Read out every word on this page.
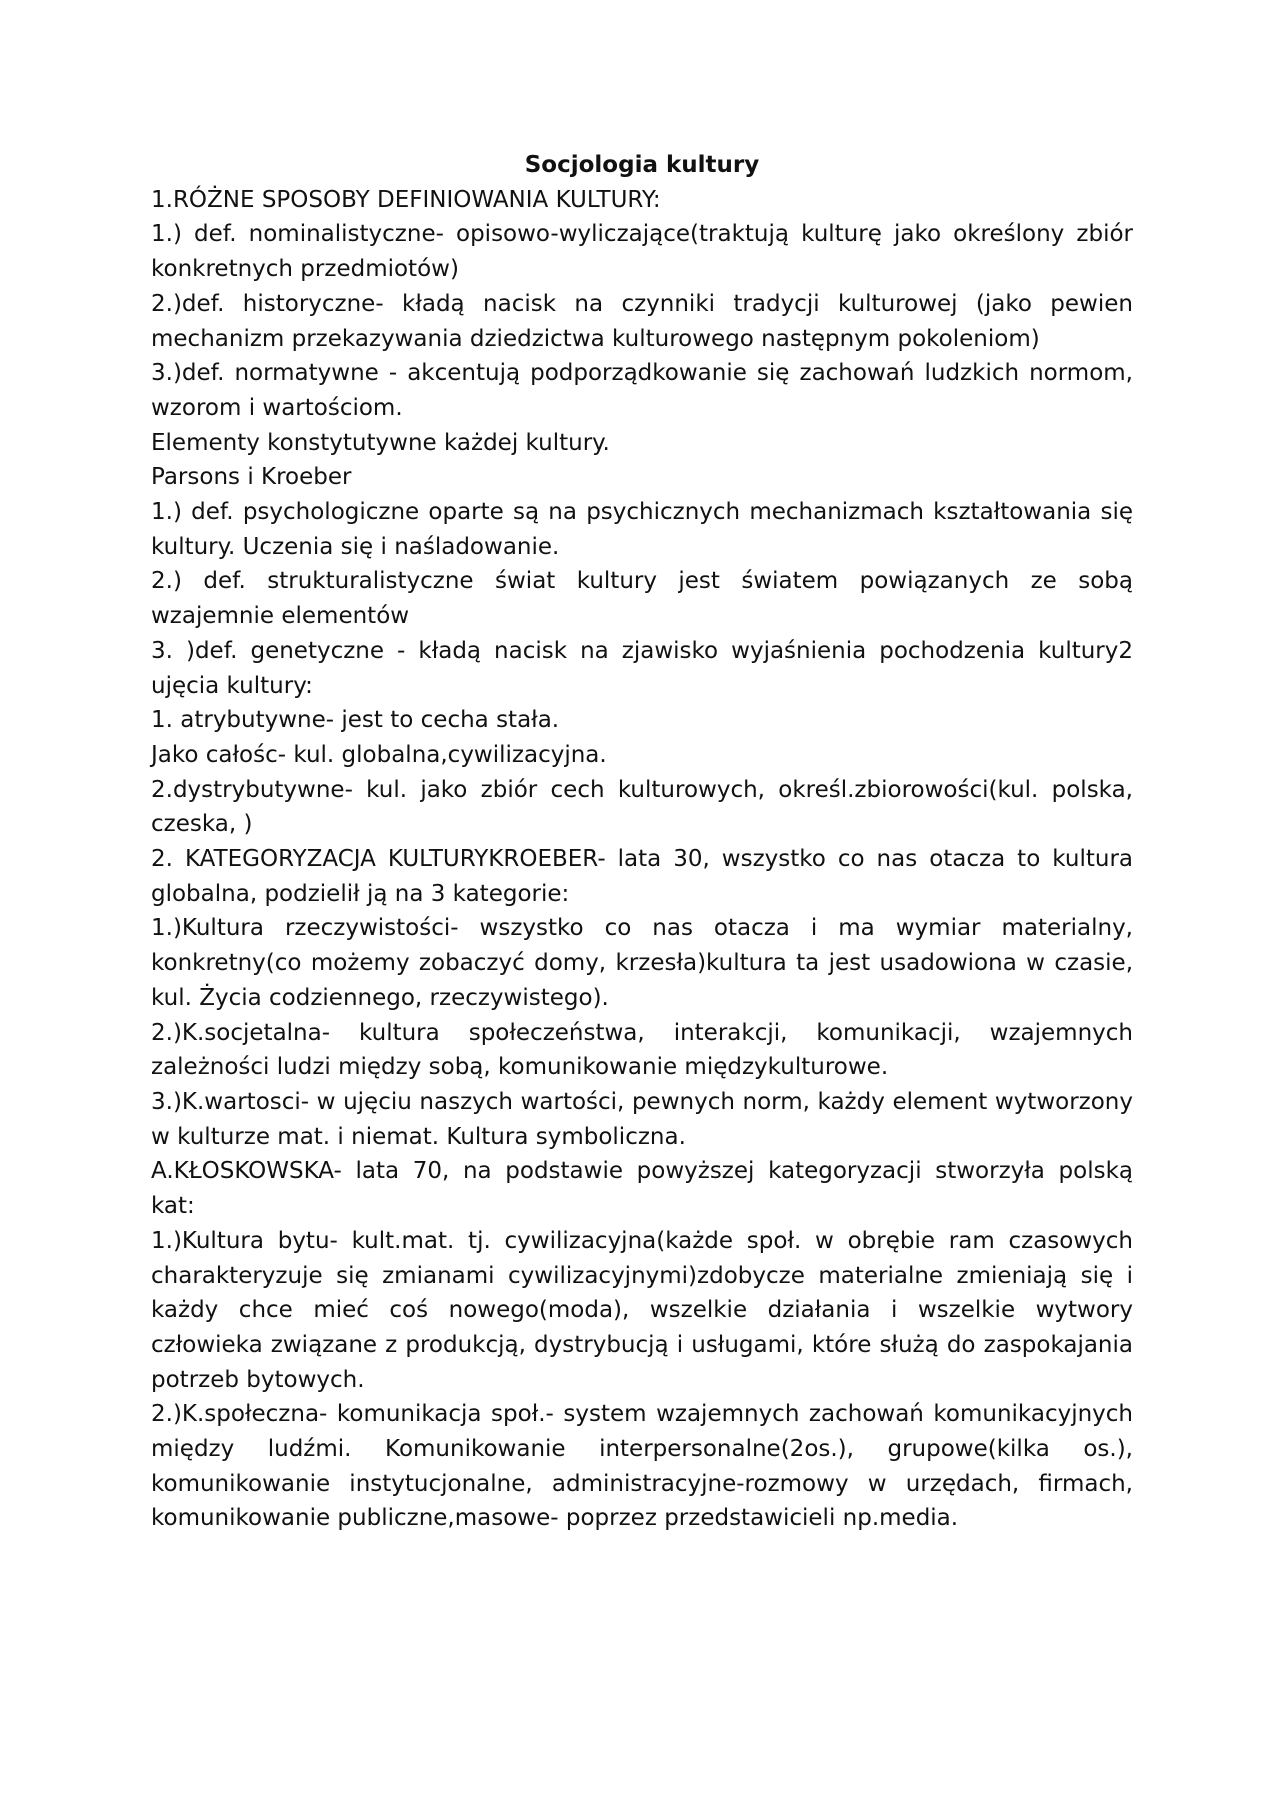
Socjologia kultury

1.RÓŻNE SPOSOBY DEFINIOWANIA KULTURY:

1.) def. nominalistyczne- opisowo-wyliczające(traktują kulturę jako określony zbiór konkretnych przedmiotów)

2.)def. historyczne- kładą nacisk na czynniki tradycji kulturowej (jako pewien mechanizm przekazywania dziedzictwa kulturowego następnym pokoleniom)

3.)def. normatywne - akcentują podporządkowanie się zachowań ludzkich normom, wzorom i wartościom.

Elementy konstytutywne każdej kultury.

Parsons i Kroeber

1.) def. psychologiczne oparte są na psychicznych mechanizmach kształtowania się kultury. Uczenia się i naśladowanie.

2.) def. strukturalistyczne świat kultury jest światem powiązanych ze sobą wzajemnie elementów

3. )def. genetyczne - kładą nacisk na zjawisko wyjaśnienia pochodzenia kultury2 ujęcia kultury:

1. atrybutywne- jest to cecha stała.

Jako całośc- kul. globalna,cywilizacyjna.

2.dystrybutywne- kul. jako zbiór cech kulturowych, określ.zbiorowości(kul. polska, czeska, )

2. KATEGORYZACJA KULTURYKROEBER- lata 30, wszystko co nas otacza to kultura globalna, podzielił ją na 3 kategorie:

1.)Kultura rzeczywistości- wszystko co nas otacza i ma wymiar materialny, konkretny(co możemy zobaczyć domy, krzesła)kultura ta jest usadowiona w czasie, kul. Życia codziennego, rzeczywistego).

2.)K.socjetalna- kultura społeczeństwa, interakcji, komunikacji, wzajemnych zależności ludzi między sobą, komunikowanie międzykulturowe.

3.)K.wartosci- w ujęciu naszych wartości, pewnych norm, każdy element wytworzony w kulturze mat. i niemat. Kultura symboliczna.

A.KŁOSKOWSKA- lata 70, na podstawie powyższej kategoryzacji stworzyła polską kat:

1.)Kultura bytu- kult.mat. tj. cywilizacyjna(każde społ. w obrębie ram czasowych charakteryzuje się zmianami cywilizacyjnymi)zdobycze materialne zmieniają się i każdy chce mieć coś nowego(moda), wszelkie działania i wszelkie wytwory człowieka związane z produkcją, dystrybucją i usługami, które służą do zaspokajania potrzeb bytowych.

2.)K.społeczna- komunikacja społ.- system wzajemnych zachowań komunikacyjnych między ludźmi. Komunikowanie interpersonalne(2os.), grupowe(kilka os.), komunikowanie instytucjonalne, administracyjne-rozmowy w urzędach, firmach, komunikowanie publiczne,masowe- poprzez przedstawicieli np.media.
